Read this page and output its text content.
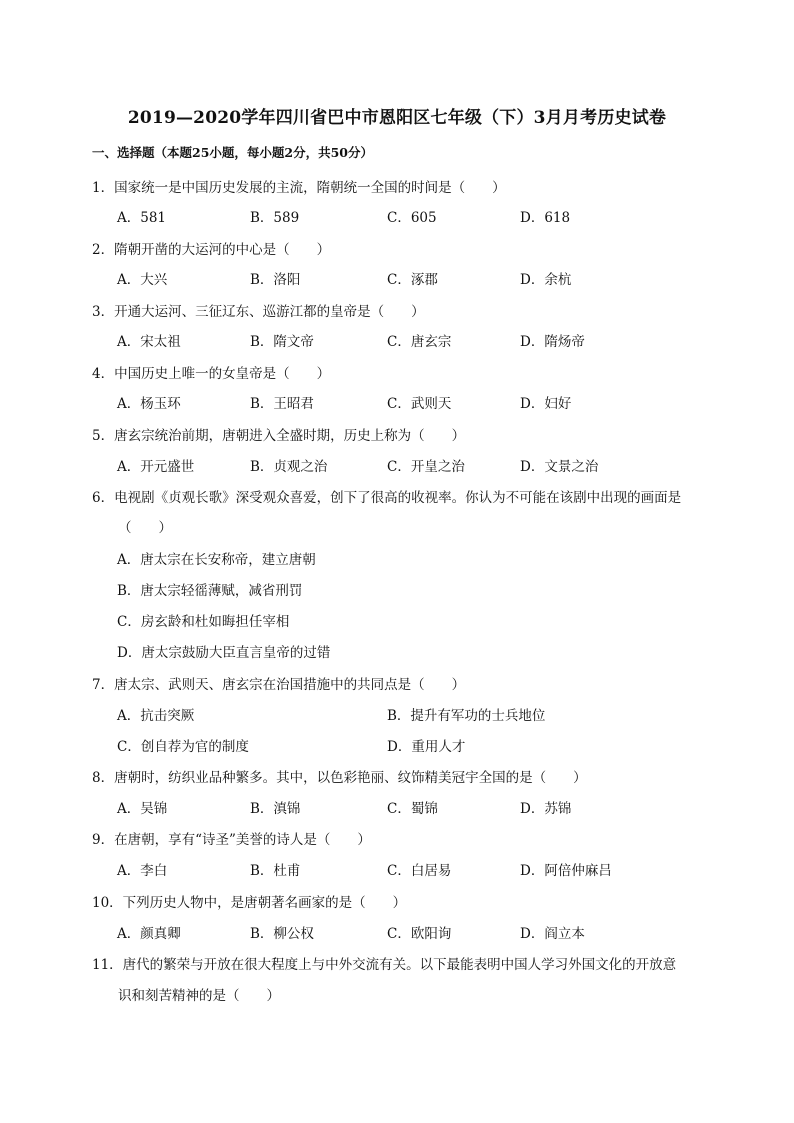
2019—2020学年四川省巴中市恩阳区七年级（下）3月月考历史试卷
一、选择题（本题25小题，每小题2分，共50分）
1．国家统一是中国历史发展的主流，隋朝统一全国的时间是（　　）
A．581	B．589	C．605	D．618
2．隋朝开凿的大运河的中心是（　　）
A．大兴	B．洛阳	C．涿郡	D．余杭
3．开通大运河、三征辽东、巡游江都的皇帝是（　　）
A．宋太祖	B．隋文帝	C．唐玄宗	D．隋炀帝
4．中国历史上唯一的女皇帝是（　　）
A．杨玉环	B．王昭君	C．武则天	D．妇好
5．唐玄宗统治前期，唐朝进入全盛时期，历史上称为（　　）
A．开元盛世	B．贞观之治	C．开皇之治	D．文景之治
6．电视剧《贞观长歌》深受观众喜爱，创下了很高的收视率。你认为不可能在该剧中出现的画面是
（　　）
A．唐太宗在长安称帝，建立唐朝
B．唐太宗轻徭薄赋，减省刑罚
C．房玄龄和杜如晦担任宰相
D．唐太宗鼓励大臣直言皇帝的过错
7．唐太宗、武则天、唐玄宗在治国措施中的共同点是（　　）
A．抗击突厥	B．提升有军功的士兵地位
C．创自荐为官的制度	D．重用人才
8．唐朝时，纺织业品种繁多。其中，以色彩艳丽、纹饰精美冠宇全国的是（　　）
A．吴锦	B．滇锦	C．蜀锦	D．苏锦
9．在唐朝，享有“诗圣”美誉的诗人是（　　）
A．李白	B．杜甫	C．白居易	D．阿倍仲麻吕
10．下列历史人物中，是唐朝著名画家的是（　　）
A．颜真卿	B．柳公权	C．欧阳询	D．阎立本
11．唐代的繁荣与开放在很大程度上与中外交流有关。以下最能表明中国人学习外国文化的开放意
识和刻苦精神的是（　　）
